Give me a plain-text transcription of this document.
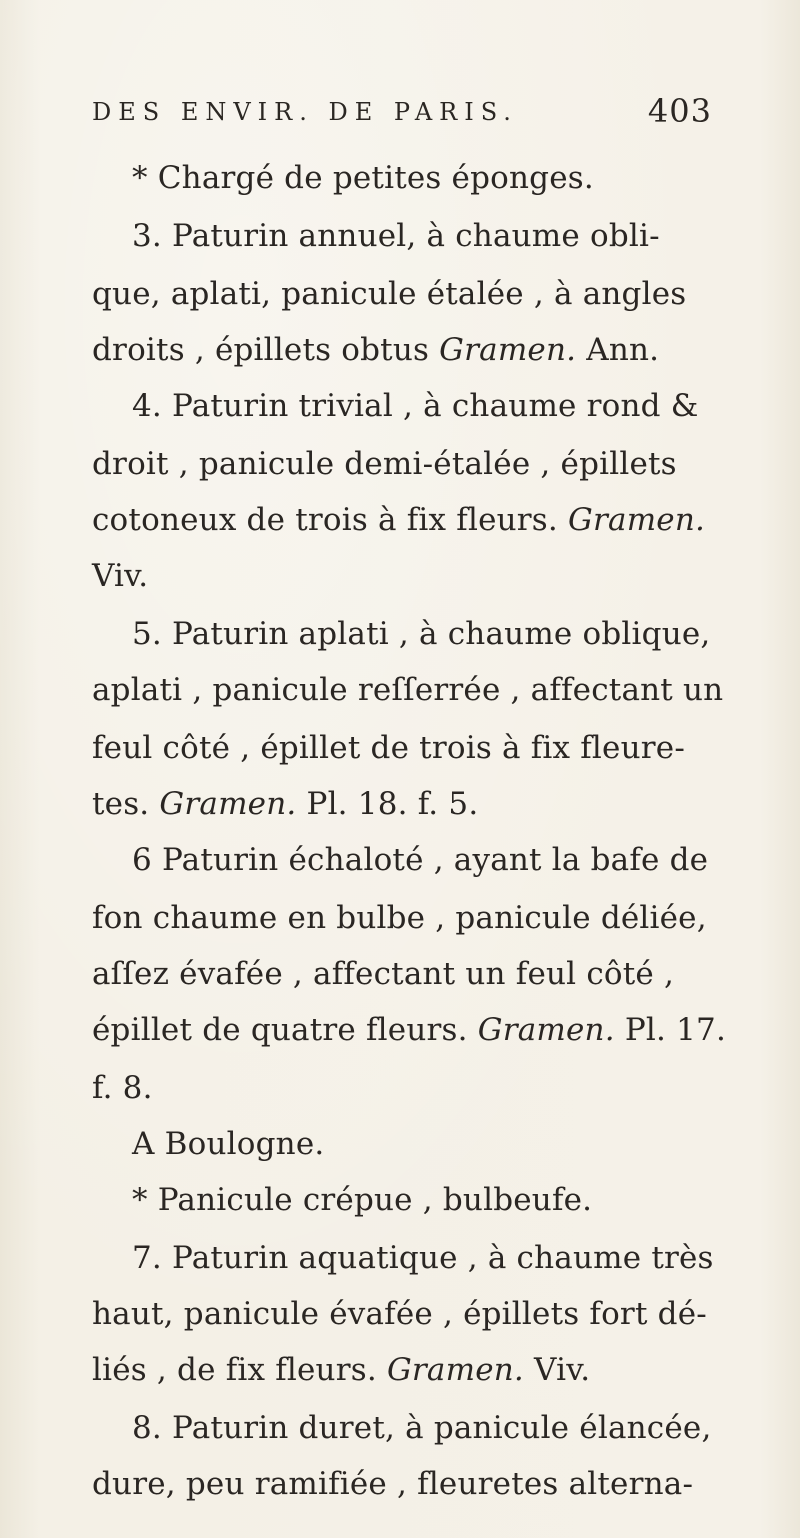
DES ENVIR. DE PARIS.	403
* Chargé de petites éponges.
3. Paturin annuel, à chaume obli-
que, aplati, panicule étalée , à angles
droits , épillets obtus Gramen. Ann.
4. Paturin trivial , à chaume rond &
droit , panicule demi-étalée , épillets
cotoneux de trois à fix fleurs. Gramen.
Viv.
5. Paturin aplati , à chaume oblique,
aplati , panicule reſſerrée , affectant un
feul côté , épillet de trois à fix fleure-
tes. Gramen. Pl. 18. f. 5.
6 Paturin échaloté , ayant la bafe de
fon chaume en bulbe , panicule déliée,
aſſez évafée , affectant un feul côté ,
épillet de quatre fleurs. Gramen. Pl. 17.
f. 8.
A Boulogne.
* Panicule crépue , bulbeufe.
7. Paturin aquatique , à chaume très
haut, panicule évafée , épillets fort dé-
liés , de fix fleurs. Gramen. Viv.
8. Paturin duret, à panicule élancée,
dure, peu ramifiée , fleuretes alterna-
